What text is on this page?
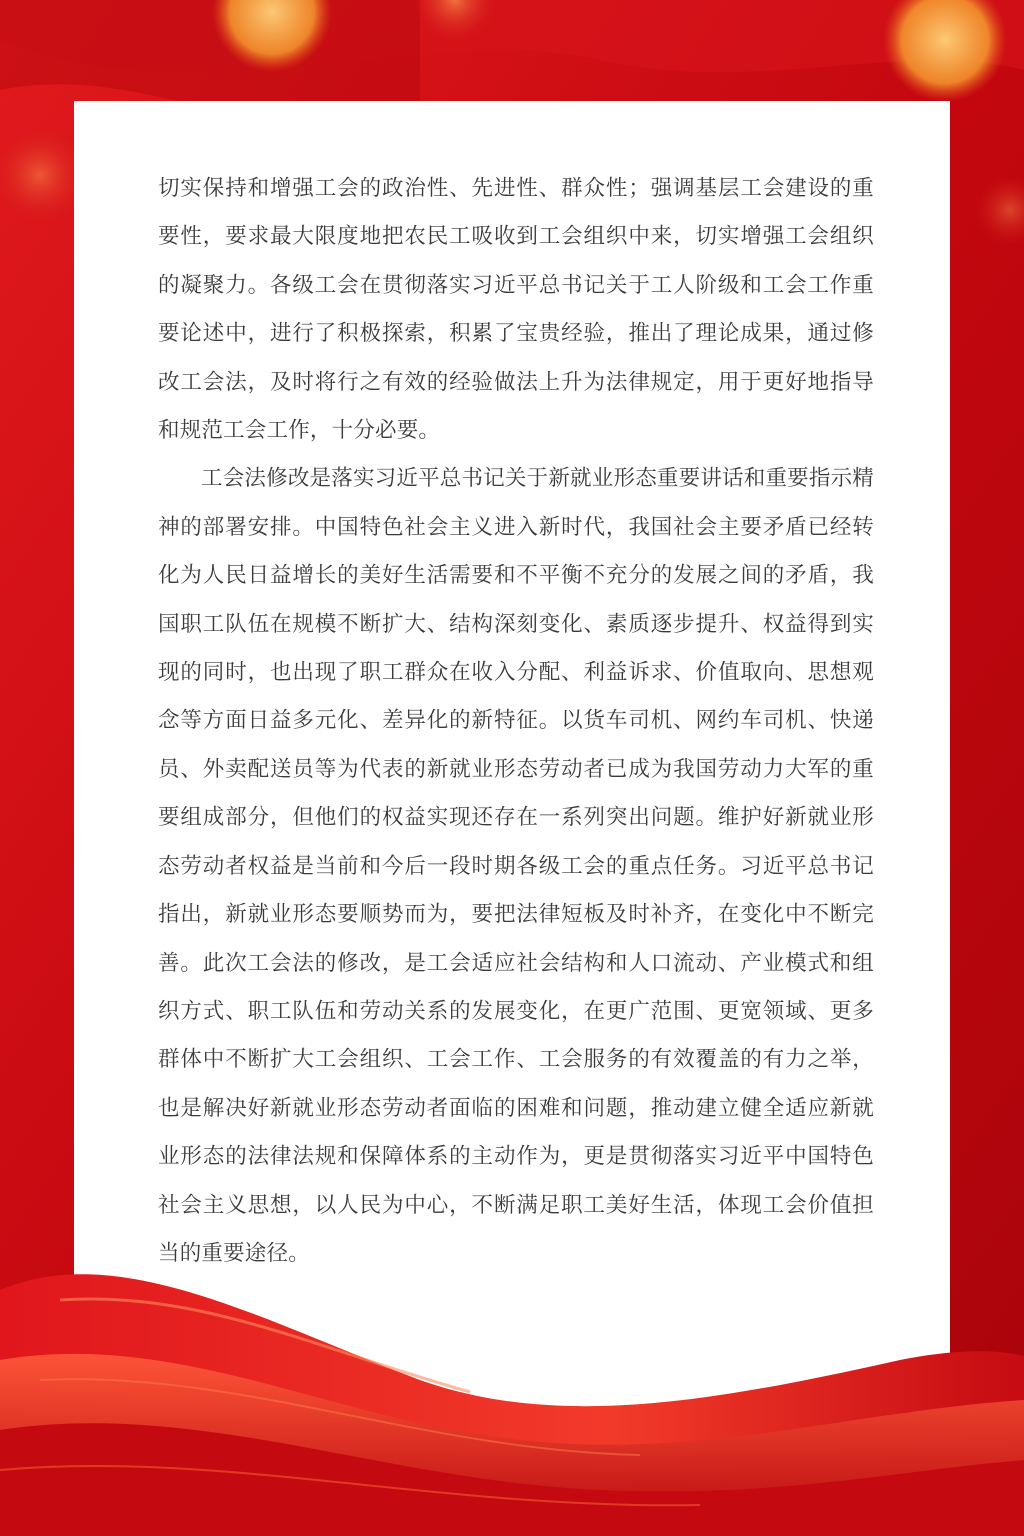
切实保持和增强工会的政治性、先进性、群众性；强调基层工会建设的重要性，要求最大限度地把农民工吸收到工会组织中来，切实增强工会组织的凝聚力。各级工会在贯彻落实习近平总书记关于工人阶级和工会工作重要论述中，进行了积极探索，积累了宝贵经验，推出了理论成果，通过修改工会法，及时将行之有效的经验做法上升为法律规定，用于更好地指导和规范工会工作，十分必要。

工会法修改是落实习近平总书记关于新就业形态重要讲话和重要指示精神的部署安排。中国特色社会主义进入新时代，我国社会主要矛盾已经转化为人民日益增长的美好生活需要和不平衡不充分的发展之间的矛盾，我国职工队伍在规模不断扩大、结构深刻变化、素质逐步提升、权益得到实现的同时，也出现了职工群众在收入分配、利益诉求、价值取向、思想观念等方面日益多元化、差异化的新特征。以货车司机、网约车司机、快递员、外卖配送员等为代表的新就业形态劳动者已成为我国劳动力大军的重要组成部分，但他们的权益实现还存在一系列突出问题。维护好新就业形态劳动者权益是当前和今后一段时期各级工会的重点任务。习近平总书记指出，新就业形态要顺势而为，要把法律短板及时补齐，在变化中不断完善。此次工会法的修改，是工会适应社会结构和人口流动、产业模式和组织方式、职工队伍和劳动关系的发展变化，在更广范围、更宽领域、更多群体中不断扩大工会组织、工会工作、工会服务的有效覆盖的有力之举，也是解决好新就业形态劳动者面临的困难和问题，推动建立健全适应新就业形态的法律法规和保障体系的主动作为，更是贯彻落实习近平中国特色社会主义思想，以人民为中心，不断满足职工美好生活，体现工会价值担当的重要途径。
